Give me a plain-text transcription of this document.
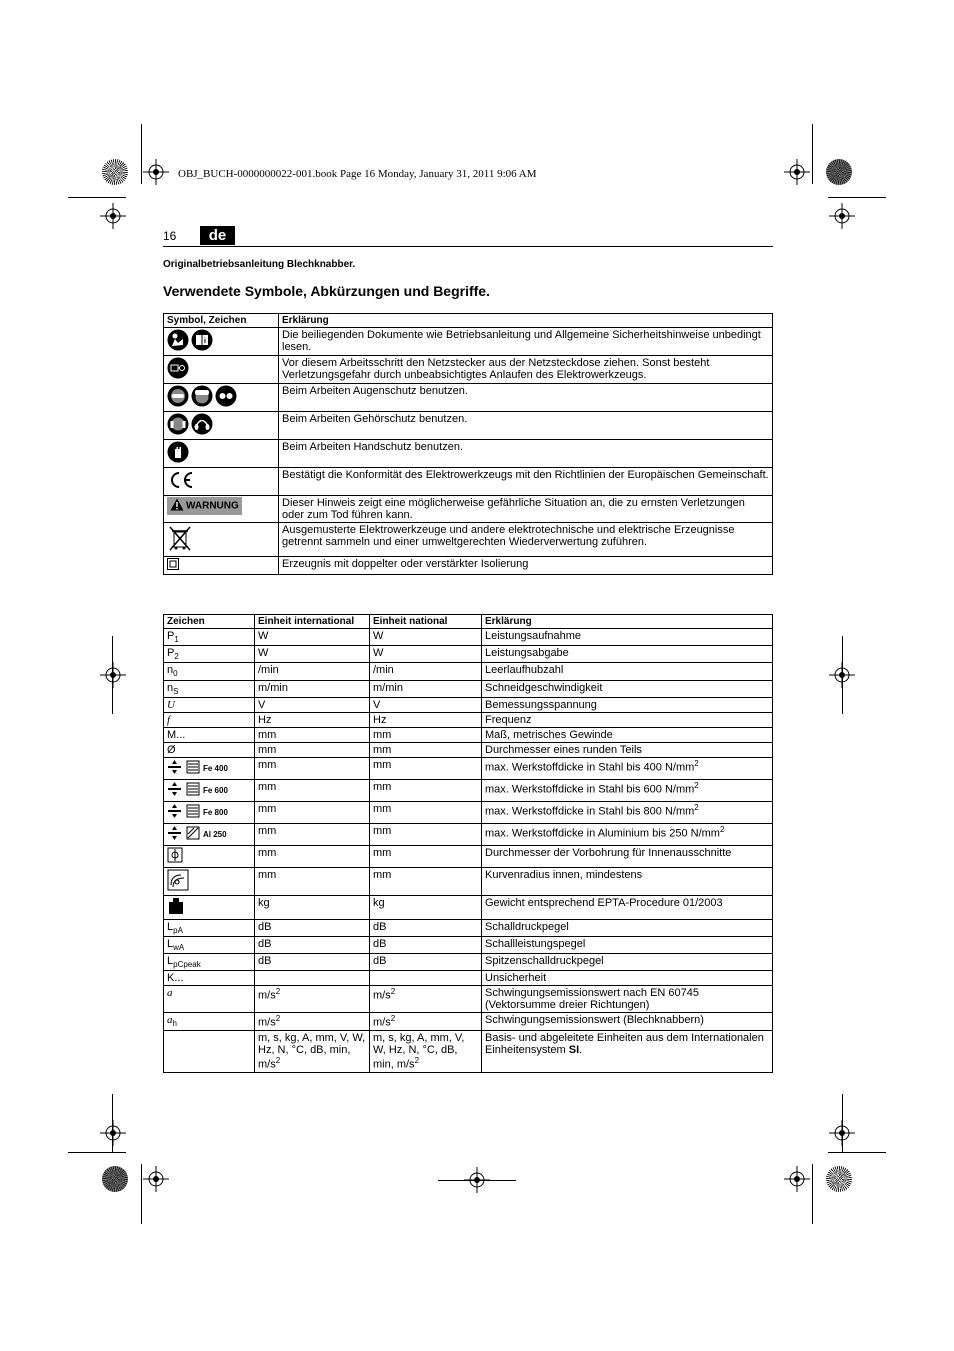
OBJ_BUCH-0000000022-001.book Page 16 Monday, January 31, 2011 9:06 AM
16	de
Originalbetriebsanleitung Blechknabber.
Verwendete Symbole, Abkürzungen und Begriffe.
Symbol, Zeichen	Erklärung

i	Die beiliegenden Dokumente wie Betriebsanleitung und Allgemeine Sicherheitshinweise unbedingt lesen.
	Vor diesem Arbeitsschritt den Netzstecker aus der Netzsteckdose ziehen. Sonst besteht Verletzungsgefahr durch unbeabsichtigtes Anlaufen des Elektrowerkzeugs.
	Beim Arbeiten Augenschutz benutzen.
	Beim Arbeiten Gehörschutz benutzen.
	Beim Arbeiten Handschutz benutzen.
	Bestätigt die Konformität des Elektrowerkzeugs mit den Richtlinien der Europäischen Gemeinschaft.
WARNUNG	Dieser Hinweis zeigt eine möglicherweise gefährliche Situation an, die zu ernsten Verletzungen oder zum Tod führen kann.
	Ausgemusterte Elektrowerkzeuge und andere elektrotechnische und elektrische Erzeugnisse getrennt sammeln und einer umweltgerechten Wiederverwertung zuführen.
	Erzeugnis mit doppelter oder verstärkter Isolierung
Zeichen	Einheit international	Einheit national	Erklärung
$P_1$	W	W	Leistungsaufnahme
$P_2$	W	W	Leistungsabgabe
$n_0$	/min	/min	Leerlaufhubzahl
$n_S$	m/min	m/min	Schneidgeschwindigkeit
U	V	V	Bemessungsspannung
f	Hz	Hz	Frequenz
M...	mm	mm	Maß, metrisches Gewinde
Ø	mm	mm	Durchmesser eines runden Teils
Fe 400	mm	mm	max. Werkstoffdicke in Stahl bis 400 $N/mm^2$
Fe 600	mm	mm	max. Werkstoffdicke in Stahl bis 600 $N/mm^2$
Fe 800	mm	mm	max. Werkstoffdicke in Stahl bis 800 $N/mm^2$
Al 250	mm	mm	max. Werkstoffdicke in Aluminium bis 250 $N/mm^2$
	mm	mm	Durchmesser der Vorbohrung für Innenausschnitte
	mm	mm	Kurvenradius innen, mindestens
	kg	kg	Gewicht entsprechend EPTA-Procedure 01/2003
$L_{pA}$	dB	dB	Schalldruckpegel
$L_{wA}$	dB	dB	Schallleistungspegel
$L_{pCpeak}$	dB	dB	Spitzenschalldruckpegel
K...			Unsicherheit
a	$m/s^2$	$m/s^2$	Schwingungsemissionswert nach EN 60745 (Vektorsumme dreier Richtungen)
$a_h$	$m/s^2$	$m/s^2$	Schwingungsemissionswert (Blechknabbern)
	m, s, kg, A, mm, V, W, Hz, N, °C, dB, min, $m/s^2$	m, s, kg, A, mm, V, W, Hz, N, °C, dB, min, $m/s^2$	Basis- und abgeleitete Einheiten aus dem Internationalen Einheitensystem SI.
